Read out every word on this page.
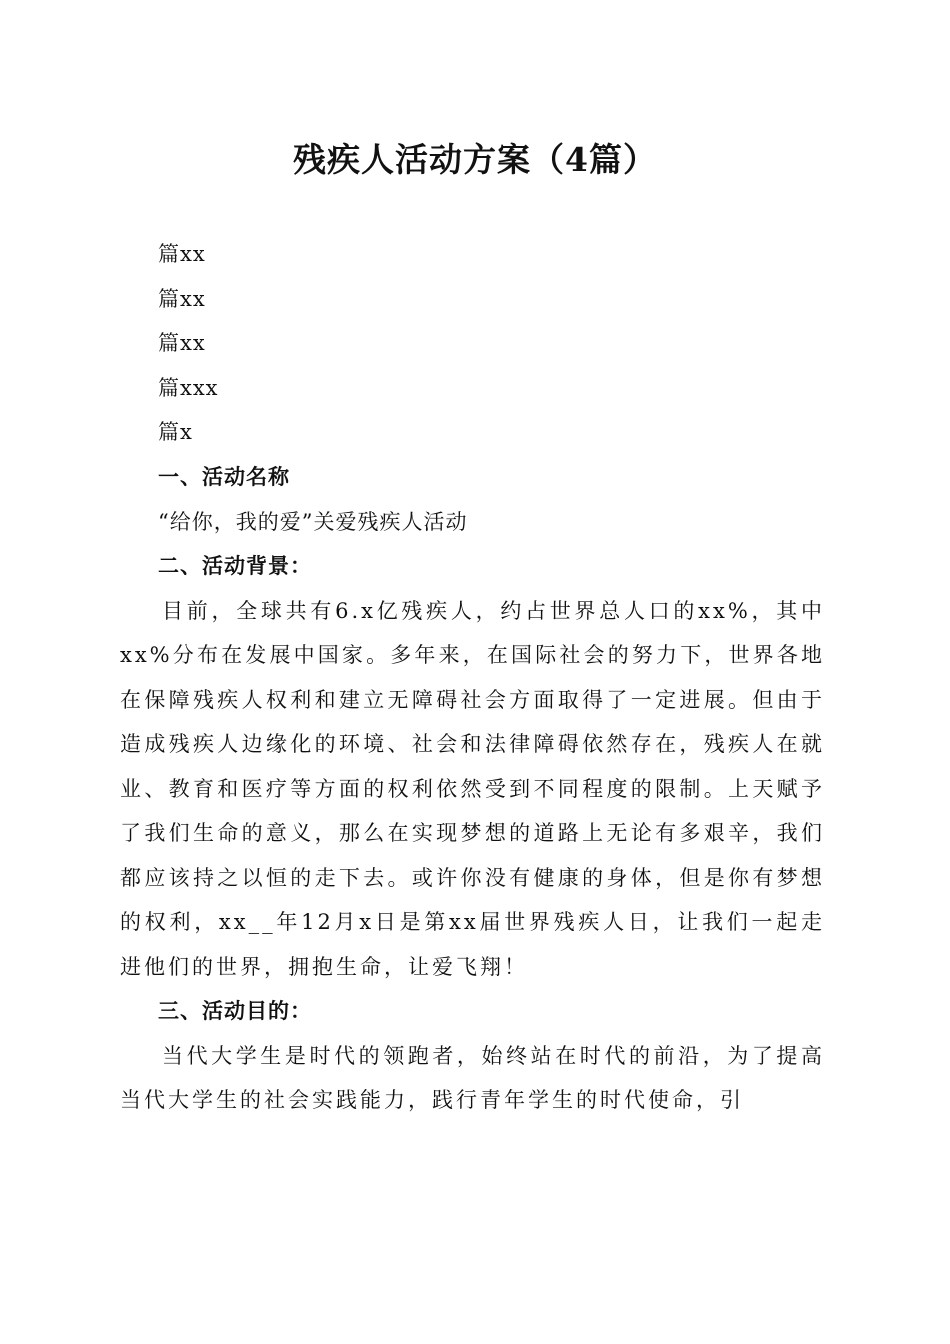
残疾人活动方案（4篇）
篇xx
篇xx
篇xx
篇xxx
篇x

一、活动名称

“给你，我的爱”关爱残疾人活动

二、活动背景：

目前，全球共有6.x亿残疾人，约占世界总人口的xx%，其中xx%分布在发展中国家。多年来，在国际社会的努力下，世界各地在保障残疾人权利和建立无障碍社会方面取得了一定进展。但由于造成残疾人边缘化的环境、社会和法律障碍依然存在，残疾人在就业、教育和医疗等方面的权利依然受到不同程度的限制。上天赋予了我们生命的意义，那么在实现梦想的道路上无论有多艰辛，我们都应该持之以恒的走下去。或许你没有健康的身体，但是你有梦想的权利，xx__年12月x日是第xx届世界残疾人日，让我们一起走进他们的世界，拥抱生命，让爱飞翔！

三、活动目的：

当代大学生是时代的领跑者，始终站在时代的前沿，为了提高当代大学生的社会实践能力，践行青年学生的时代使命，引
